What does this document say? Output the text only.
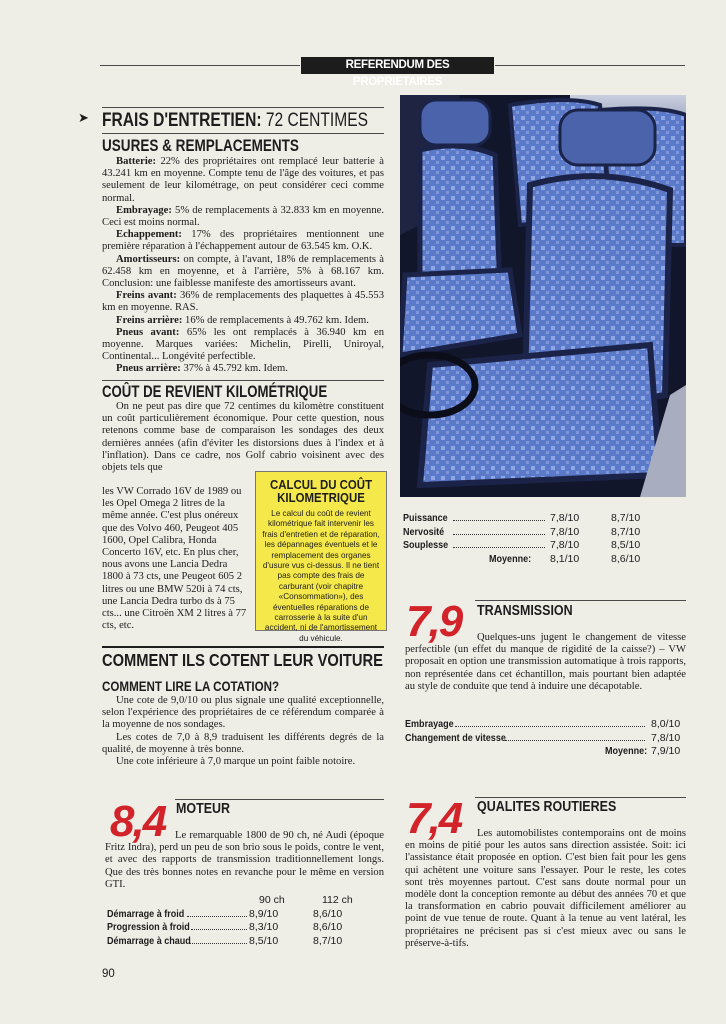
REFERENDUM DES PROPRIETAIRES
➤ FRAIS D'ENTRETIEN: 72 CENTIMES
USURES & REMPLACEMENTS

Batterie: 22% des propriétaires ont remplacé leur batterie à 43.241 km en moyenne. Compte tenu de l'âge des voitures, et pas seulement de leur kilométrage, on peut considérer ceci comme normal.

Embrayage: 5% de remplacements à 32.833 km en moyenne. Ceci est moins normal.

Echappement: 17% des propriétaires mentionnent une première réparation à l'échappement autour de 63.545 km. O.K.

Amortisseurs: on compte, à l'avant, 18% de remplacements à 62.458 km en moyenne, et à l'arrière, 5% à 68.167 km. Conclusion: une faiblesse manifeste des amortisseurs avant.

Freins avant: 36% de remplacements des plaquettes à 45.553 km en moyenne. RAS.

Freins arrière: 16% de remplacements à 49.762 km. Idem.

Pneus avant: 65% les ont remplacés à 36.940 km en moyenne. Marques variées: Michelin, Pirelli, Uniroyal, Continental... Longévité perfectible.

Pneus arrière: 37% à 45.792 km. Idem.

COÛT DE REVIENT KILOMÉTRIQUE

On ne peut pas dire que 72 centimes du kilomètre constituent un coût particulièrement économique. Pour cette question, nous retenons comme base de comparaison les sondages des deux dernières années (afin d'éviter les distorsions dues à l'index et à l'inflation). Dans ce cadre, nos Golf cabrio voisinent avec des objets tels que

les VW Corrado 16V de 1989 ou les Opel Omega 2 litres de la même année. C'est plus onéreux que des Volvo 460, Peugeot 405 1600, Opel Calibra, Honda Concerto 16V, etc. En plus cher, nous avons une Lancia Dedra 1800 à 73 cts, une Peugeot 605 2 litres ou une BMW 520i à 74 cts, une Lancia Dedra turbo ds à 75 cts... une Citroën XM 2 litres à 77 cts, etc.

CALCUL DU COÛT
KILOMETRIQUE
Le calcul du coût de revient kilométrique fait intervenir les frais d'entretien et de réparation, les dépannages éventuels et le remplacement des organes d'usure vus ci-dessus. Il ne tient pas compte des frais de carburant (voir chapitre «Consommation»), des éventuelles réparations de carrosserie à la suite d'un accident, ni de l'amortissement du véhicule.
COMMENT ILS COTENT LEUR VOITURE
COMMENT LIRE LA COTATION?

Une cote de 9,0/10 ou plus signale une qualité exceptionnelle, selon l'expérience des propriétaires de ce référendum comparée à la moyenne de nos sondages.

Les cotes de 7,0 à 8,9 traduisent les différents degrés de la qualité, de moyenne à très bonne.

Une cote inférieure à 7,0 marque un point faible notoire.

Puissance	7,8/10	8,7/10
Nervosité	7,8/10	8,7/10
Souplesse	7,8/10	8,5/10
Moyenne: 8,1/10	8,6/10
7,9 TRANSMISSION

Quelques-uns jugent le changement de vitesse perfectible (un effet du manque de rigidité de la caisse?) – VW proposait en option une transmission automatique à trois rapports, non représentée dans cet échantillon, mais pourtant bien adaptée au style de conduite que tend à induire une décapotable.

Embrayage	8,0/10
Changement de vitesse	7,8/10
Moyenne: 7,9/10
8,4 MOTEUR

Le remarquable 1800 de 90 ch, né Audi (époque Fritz Indra), perd un peu de son brio sous le poids, contre le vent, et avec des rapports de transmission traditionnellement longs. Que des très bonnes notes en revanche pour le même en version GTI.

90 ch	112 ch
Démarrage à froid	8,9/10	8,6/10
Progression à froid	8,3/10	8,6/10
Démarrage à chaud	8,5/10	8,7/10
7,4 QUALITES ROUTIERES

Les automobilistes contemporains ont de moins en moins de pitié pour les autos sans direction assistée. Soit: ici l'assistance était proposée en option. C'est bien fait pour les gens qui achètent une voiture sans l'essayer. Pour le reste, les cotes sont très moyennes partout. C'est sans doute normal pour un modèle dont la conception remonte au début des années 70 et que la transformation en cabrio pouvait difficilement améliorer au point de vue tenue de route. Quant à la tenue au vent latéral, les propriétaires ne précisent pas si c'est mieux avec ou sans le préserve-à-tifs.

90
